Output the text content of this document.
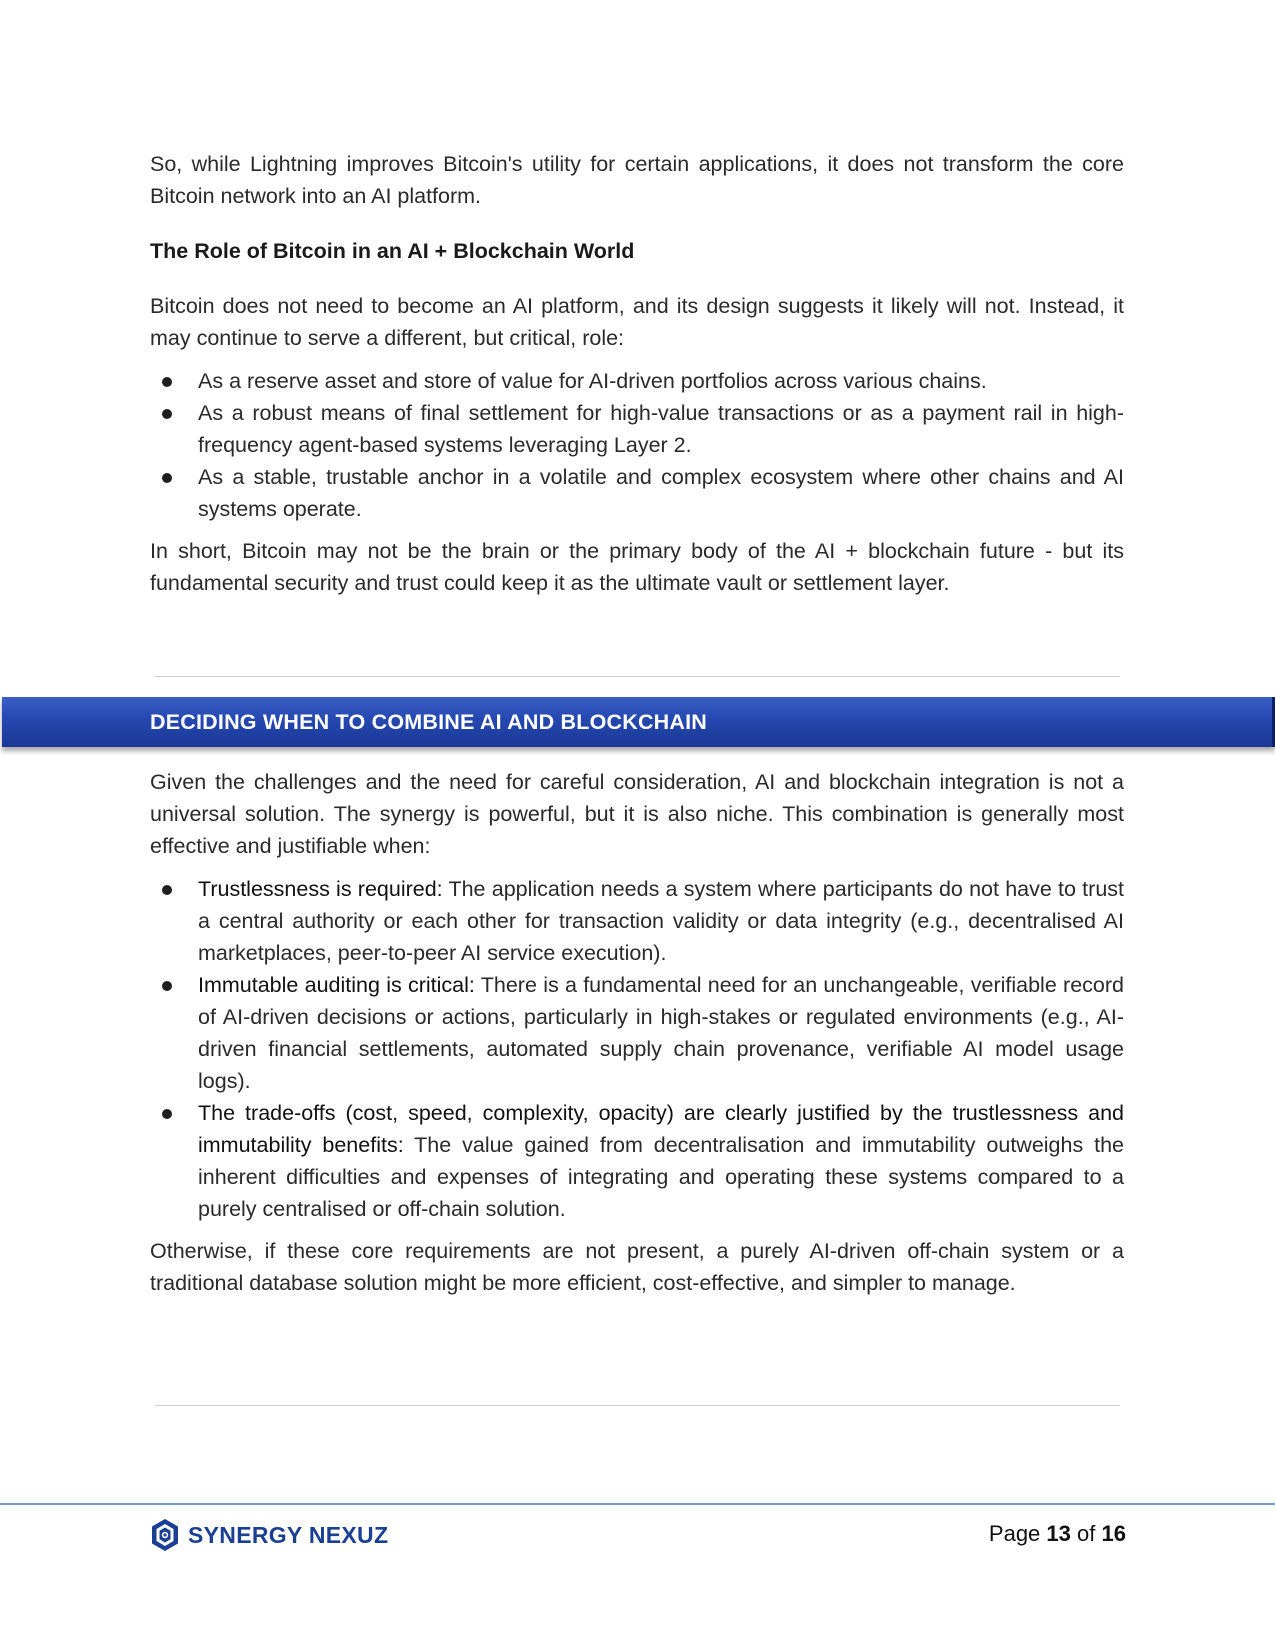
So, while Lightning improves Bitcoin's utility for certain applications, it does not transform the core Bitcoin network into an AI platform.

The Role of Bitcoin in an AI + Blockchain World

Bitcoin does not need to become an AI platform, and its design suggests it likely will not. Instead, it may continue to serve a different, but critical, role:

As a reserve asset and store of value for AI-driven portfolios across various chains.
As a robust means of final settlement for high-value transactions or as a payment rail in high-frequency agent-based systems leveraging Layer 2.
As a stable, trustable anchor in a volatile and complex ecosystem where other chains and AI systems operate.

In short, Bitcoin may not be the brain or the primary body of the AI + blockchain future - but its fundamental security and trust could keep it as the ultimate vault or settlement layer.

DECIDING WHEN TO COMBINE AI AND BLOCKCHAIN

Given the challenges and the need for careful consideration, AI and blockchain integration is not a universal solution. The synergy is powerful, but it is also niche. This combination is generally most effective and justifiable when:

Trustlessness is required: The application needs a system where participants do not have to trust a central authority or each other for transaction validity or data integrity (e.g., decentralised AI marketplaces, peer-to-peer AI service execution).
Immutable auditing is critical: There is a fundamental need for an unchangeable, verifiable record of AI-driven decisions or actions, particularly in high-stakes or regulated environments (e.g., AI-driven financial settlements, automated supply chain provenance, verifiable AI model usage logs).
The trade-offs (cost, speed, complexity, opacity) are clearly justified by the trustlessness and immutability benefits: The value gained from decentralisation and immutability outweighs the inherent difficulties and expenses of integrating and operating these systems compared to a purely centralised or off-chain solution.

Otherwise, if these core requirements are not present, a purely AI-driven off-chain system or a traditional database solution might be more efficient, cost-effective, and simpler to manage.

SYNERGY NEXUZ	Page 13 of 16
